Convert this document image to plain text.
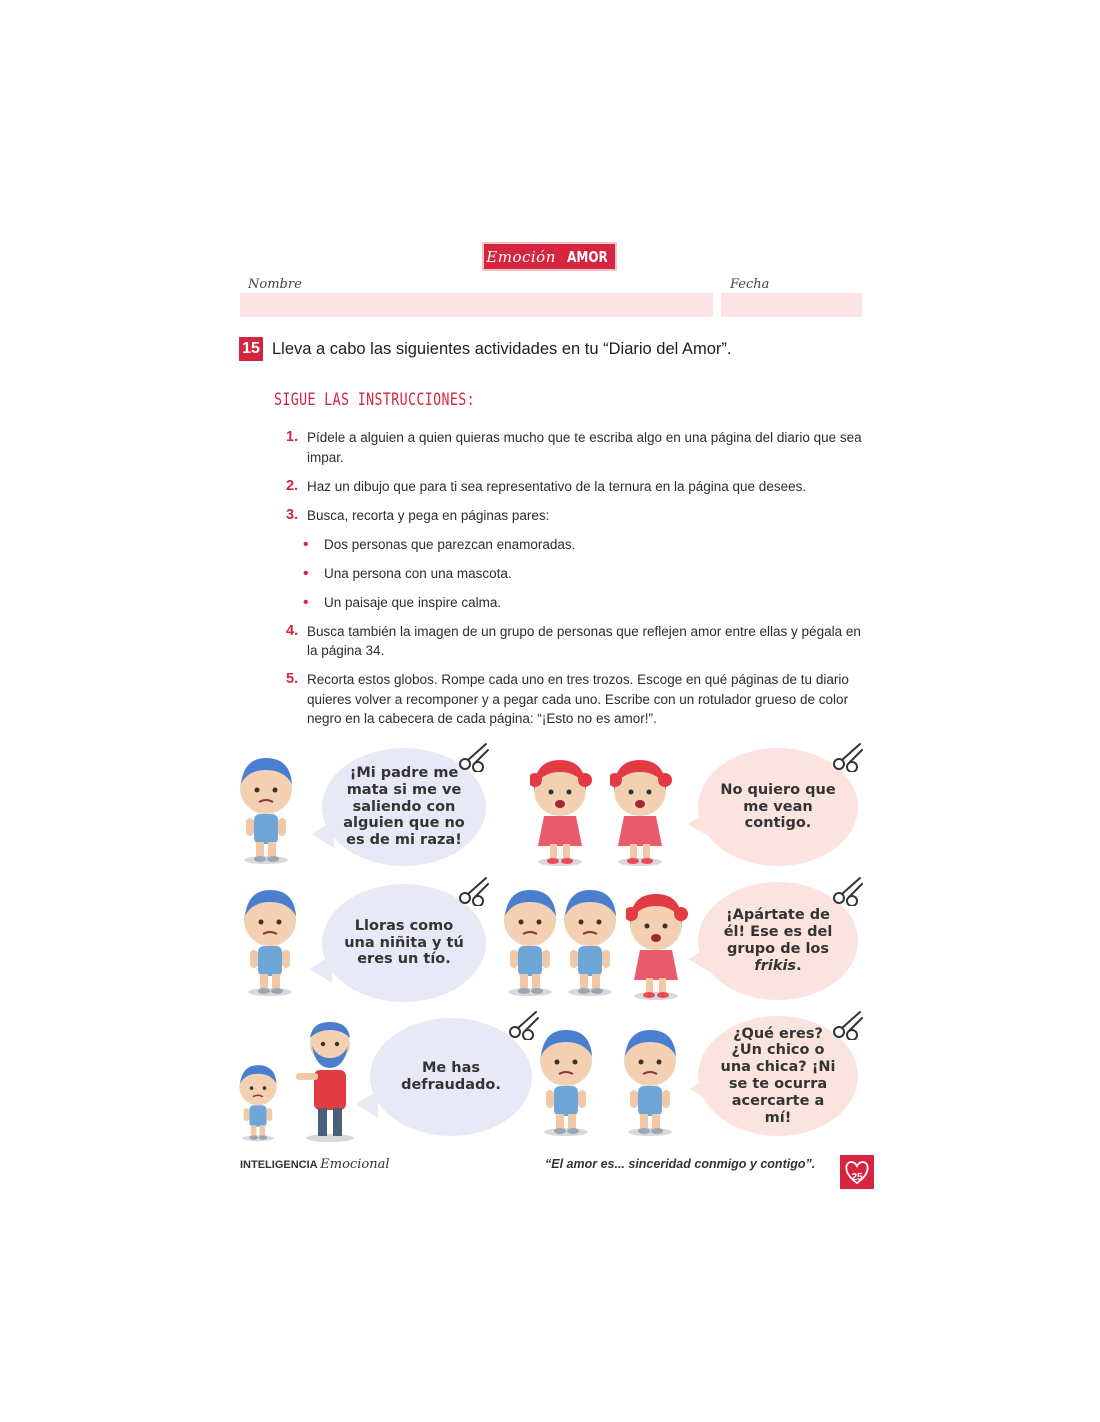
Emoción AMOR
Nombre	Fecha
15 Lleva a cabo las siguientes actividades en tu “Diario del Amor”.
SIGUE LAS INSTRUCCIONES:
1. Pídele a alguien a quien quieras mucho que te escriba algo en una página del diario que sea impar.
2. Haz un dibujo que para ti sea representativo de la ternura en la página que desees.
3. Busca, recorta y pega en páginas pares:
•	Dos personas que parezcan enamoradas.
•	Una persona con una mascota.
•	Un paisaje que inspire calma.
4. Busca también la imagen de un grupo de personas que reflejen amor entre ellas y pégala en la página 34.
5. Recorta estos globos. Rompe cada uno en tres trozos. Escoge en qué páginas de tu diario quieres volver a recomponer y a pegar cada uno. Escribe con un rotulador grueso de color negro en la cabecera de cada página: “¡Esto no es amor!”.
¡Mi padre me mata si me ve saliendo con alguien que no es de mi raza!
No quiero que me vean contigo.
Lloras como una niñita y tú eres un tío.
¡Apártate de él! Ese es del grupo de los frikis.
Me has defraudado.
¿Qué eres? ¿Un chico o una chica? ¡Ni se te ocurra acercarte a mí!
INTELIGENCIA Emocional	“El amor es... sinceridad conmigo y contigo”.
25
